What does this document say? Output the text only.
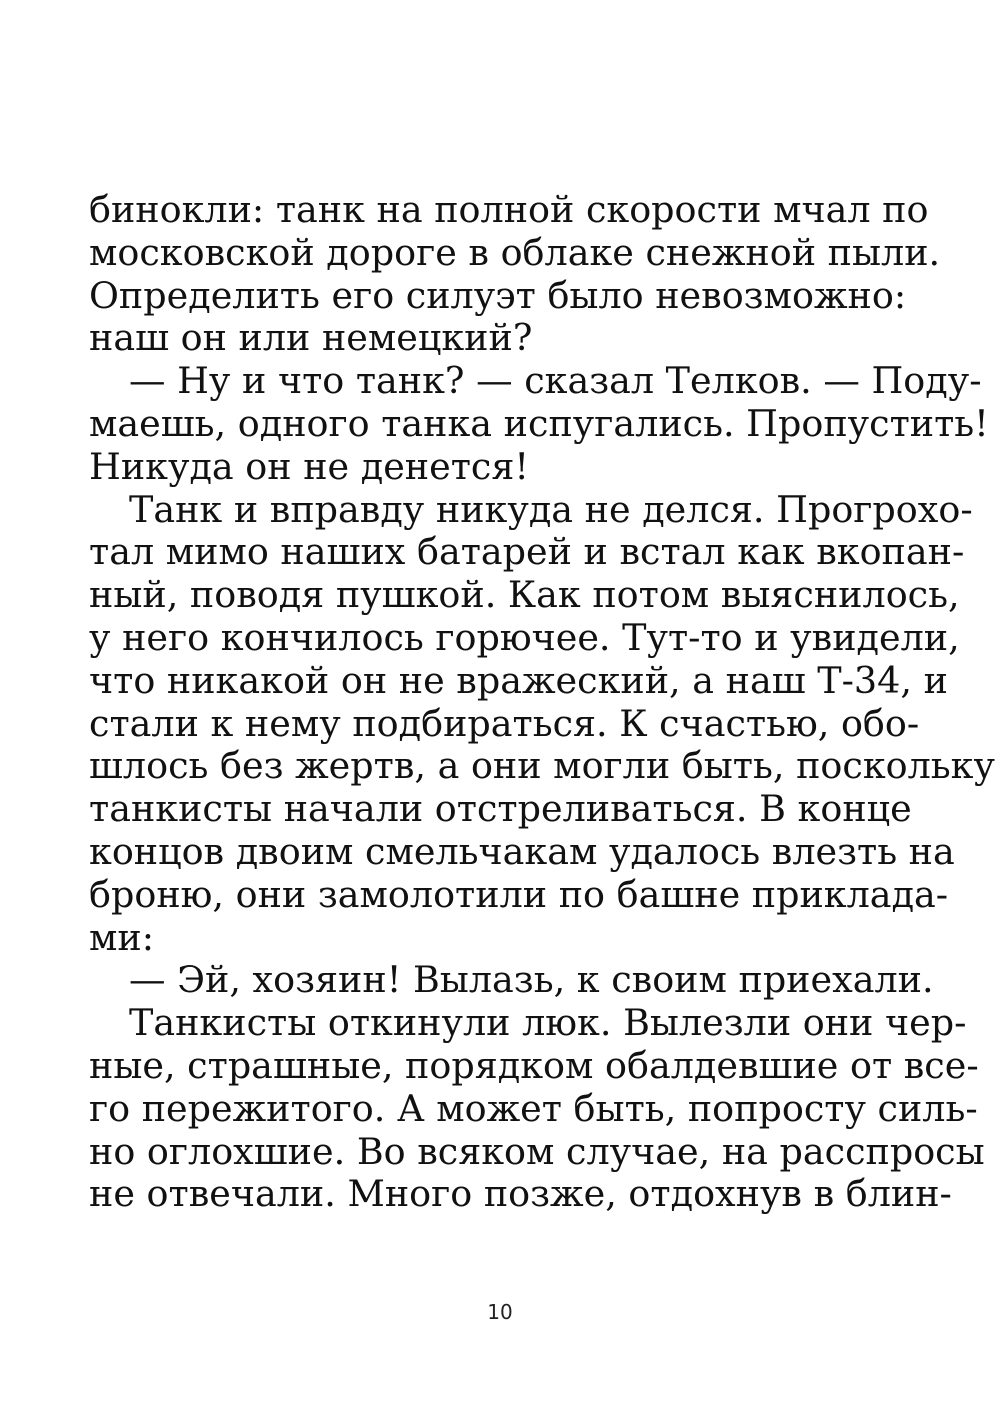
бинокли: танк на полной скорости мчал по
московской дороге в облаке снежной пыли.
Определить его силуэт было невозможно:
наш он или немецкий?
— Ну и что танк? — сказал Телков. — Поду-
маешь, одного танка испугались. Пропустить!
Никуда он не денется!
Танк и вправду никуда не делся. Прогрохо-
тал мимо наших батарей и встал как вкопан-
ный, поводя пушкой. Как потом выяснилось,
у него кончилось горючее. Тут-то и увидели,
что никакой он не вражеский, а наш Т-34, и
стали к нему подбираться. К счастью, обо-
шлось без жертв, а они могли быть, поскольку
танкисты начали отстреливаться. В конце
концов двоим смельчакам удалось влезть на
броню, они замолотили по башне приклада-
ми:
— Эй, хозяин! Вылазь, к своим приехали.
Танкисты откинули люк. Вылезли они чер-
ные, страшные, порядком обалдевшие от все-
го пережитого. А может быть, попросту силь-
но оглохшие. Во всяком случае, на расспросы
не отвечали. Много позже, отдохнув в блин-
10
